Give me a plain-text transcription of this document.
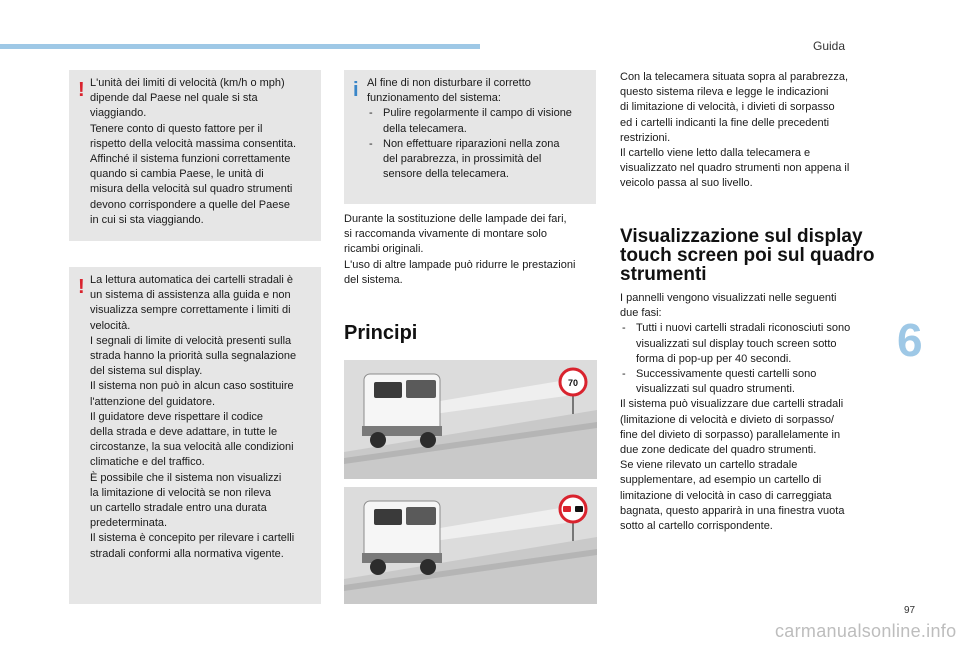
Guida
6
97
carmanualsonline.info
! L'unità dei limiti di velocità (km/h o mph)
dipende dal Paese nel quale si sta
viaggiando.
Tenere conto di questo fattore per il
rispetto della velocità massima consentita.
Affinché il sistema funzioni correttamente
quando si cambia Paese, le unità di
misura della velocità sul quadro strumenti
devono corrispondere a quelle del Paese
in cui si sta viaggiando.

! La lettura automatica dei cartelli stradali è
un sistema di assistenza alla guida e non
visualizza sempre correttamente i limiti di
velocità.
I segnali di limite di velocità presenti sulla
strada hanno la priorità sulla segnalazione
del sistema sul display.
Il sistema non può in alcun caso sostituire
l'attenzione del guidatore.
Il guidatore deve rispettare il codice
della strada e deve adattare, in tutte le
circostanze, la sua velocità alle condizioni
climatiche e del traffico.
È possibile che il sistema non visualizzi
la limitazione di velocità se non rileva
un cartello stradale entro una durata
predeterminata.
Il sistema è concepito per rilevare i cartelli
stradali conformi alla normativa vigente.

i Al fine di non disturbare il corretto
funzionamento del sistema:

- Pulire regolarmente il campo di visione
della telecamera.
- Non effettuare riparazioni nella zona
del parabrezza, in prossimità del
sensore della telecamera.

Durante la sostituzione delle lampade dei fari,
si raccomanda vivamente di montare solo
ricambi originali.
L'uso di altre lampade può ridurre le prestazioni
del sistema.

Principi
70

Con la telecamera situata sopra al parabrezza,
questo sistema rileva e legge le indicazioni
di limitazione di velocità, i divieti di sorpasso
ed i cartelli indicanti la fine delle precedenti
restrizioni.
Il cartello viene letto dalla telecamera e
visualizzato nel quadro strumenti non appena il
veicolo passa al suo livello.

Visualizzazione sul display
touch screen poi sul quadro
strumenti

I pannelli vengono visualizzati nelle seguenti
due fasi:

- Tutti i nuovi cartelli stradali riconosciuti sono
visualizzati sul display touch screen sotto
forma di pop-up per 40 secondi.
- Successivamente questi cartelli sono
visualizzati sul quadro strumenti.

Il sistema può visualizzare due cartelli stradali
(limitazione di velocità e divieto di sorpasso/
fine del divieto di sorpasso) parallelamente in
due zone dedicate del quadro strumenti.
Se viene rilevato un cartello stradale
supplementare, ad esempio un cartello di
limitazione di velocità in caso di carreggiata
bagnata, questo apparirà in una finestra vuota
sotto al cartello corrispondente.
